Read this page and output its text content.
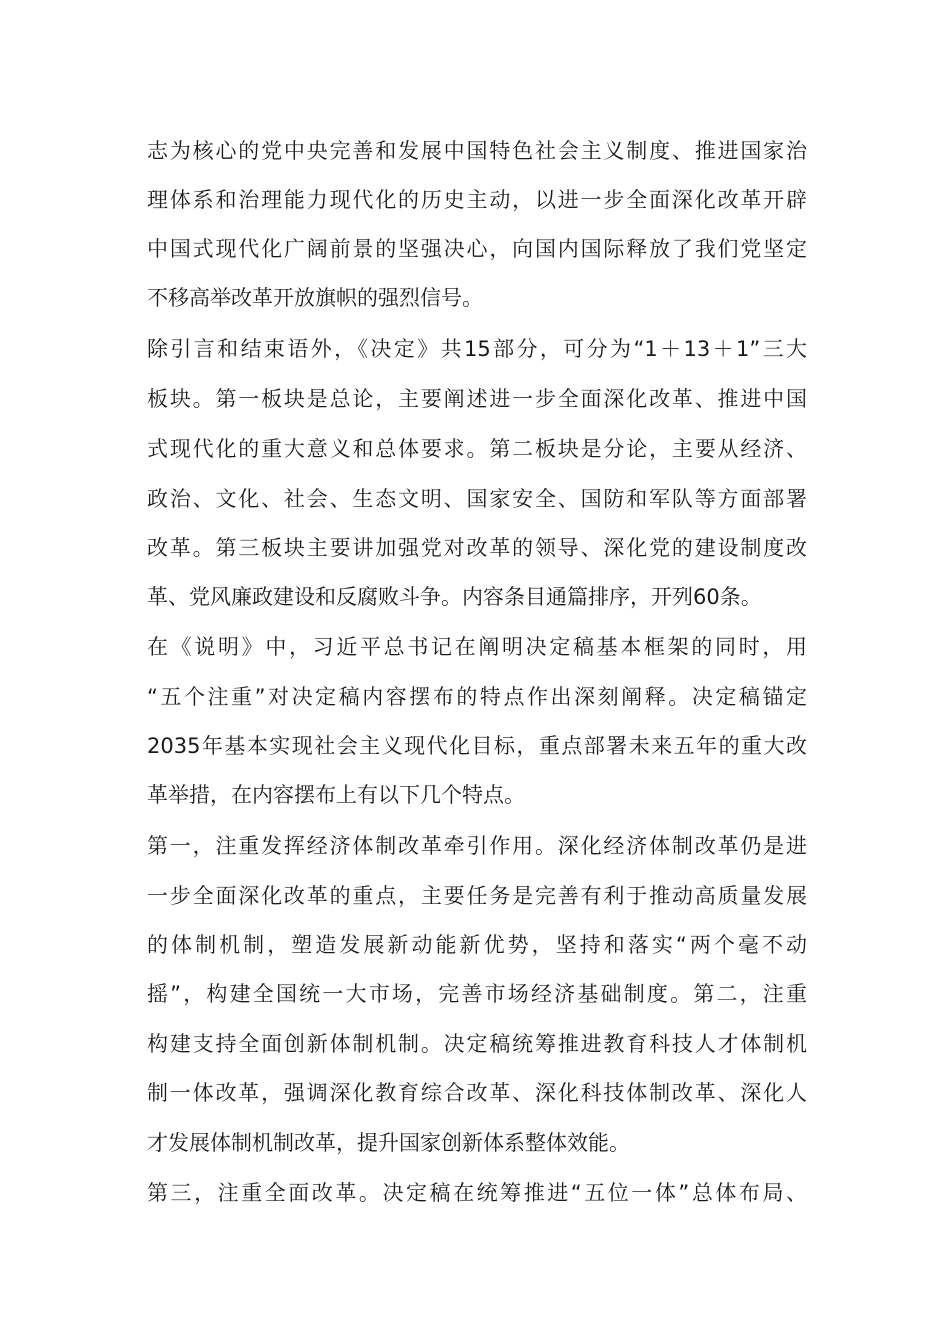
志为核心的党中央完善和发展中国特色社会主义制度、推进国家治
理体系和治理能力现代化的历史主动，以进一步全面深化改革开辟
中国式现代化广阔前景的坚强决心，向国内国际释放了我们党坚定
不移高举改革开放旗帜的强烈信号。
除引言和结束语外，《决定》共15部分，可分为“1＋13＋1”三大
板块。第一板块是总论，主要阐述进一步全面深化改革、推进中国
式现代化的重大意义和总体要求。第二板块是分论，主要从经济、
政治、文化、社会、生态文明、国家安全、国防和军队等方面部署
改革。第三板块主要讲加强党对改革的领导、深化党的建设制度改
革、党风廉政建设和反腐败斗争。内容条目通篇排序，开列60条。
在《说明》中，习近平总书记在阐明决定稿基本框架的同时，用
“五个注重”对决定稿内容摆布的特点作出深刻阐释。决定稿锚定
2035年基本实现社会主义现代化目标，重点部署未来五年的重大改
革举措，在内容摆布上有以下几个特点。
第一，注重发挥经济体制改革牵引作用。深化经济体制改革仍是进
一步全面深化改革的重点，主要任务是完善有利于推动高质量发展
的体制机制，塑造发展新动能新优势，坚持和落实“两个毫不动
摇”，构建全国统一大市场，完善市场经济基础制度。第二，注重
构建支持全面创新体制机制。决定稿统筹推进教育科技人才体制机
制一体改革，强调深化教育综合改革、深化科技体制改革、深化人
才发展体制机制改革，提升国家创新体系整体效能。
第三，注重全面改革。决定稿在统筹推进“五位一体”总体布局、
